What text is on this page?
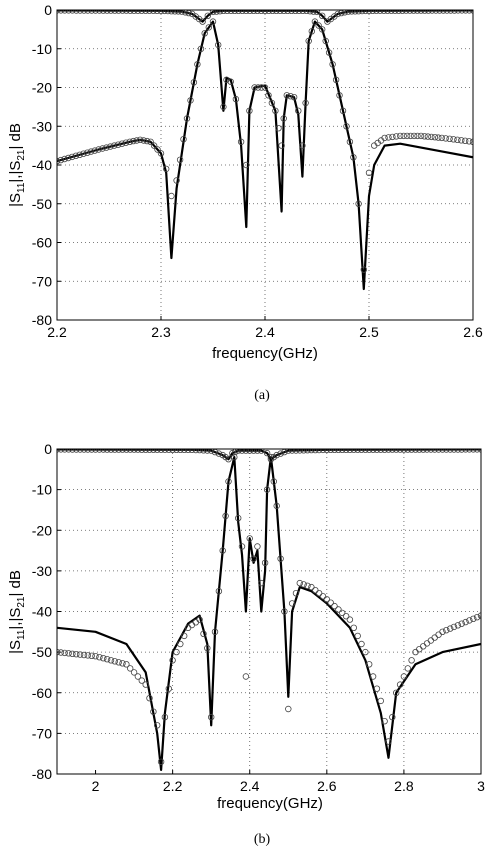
frequency(GHz)
$|S_{11}|,|S_{21}|$ dB
(a)
2.2	2.3	2.4	2.5	2.6
0
-10
-20
-30
-40
-50
-60
-70
-80
frequency(GHz)
$|S_{11}|,|S_{21}|$ dB
(b)
2	2.2	2.4	2.6	2.8	3
0
-10
-20
-30
-40
-50
-60
-70
-80
